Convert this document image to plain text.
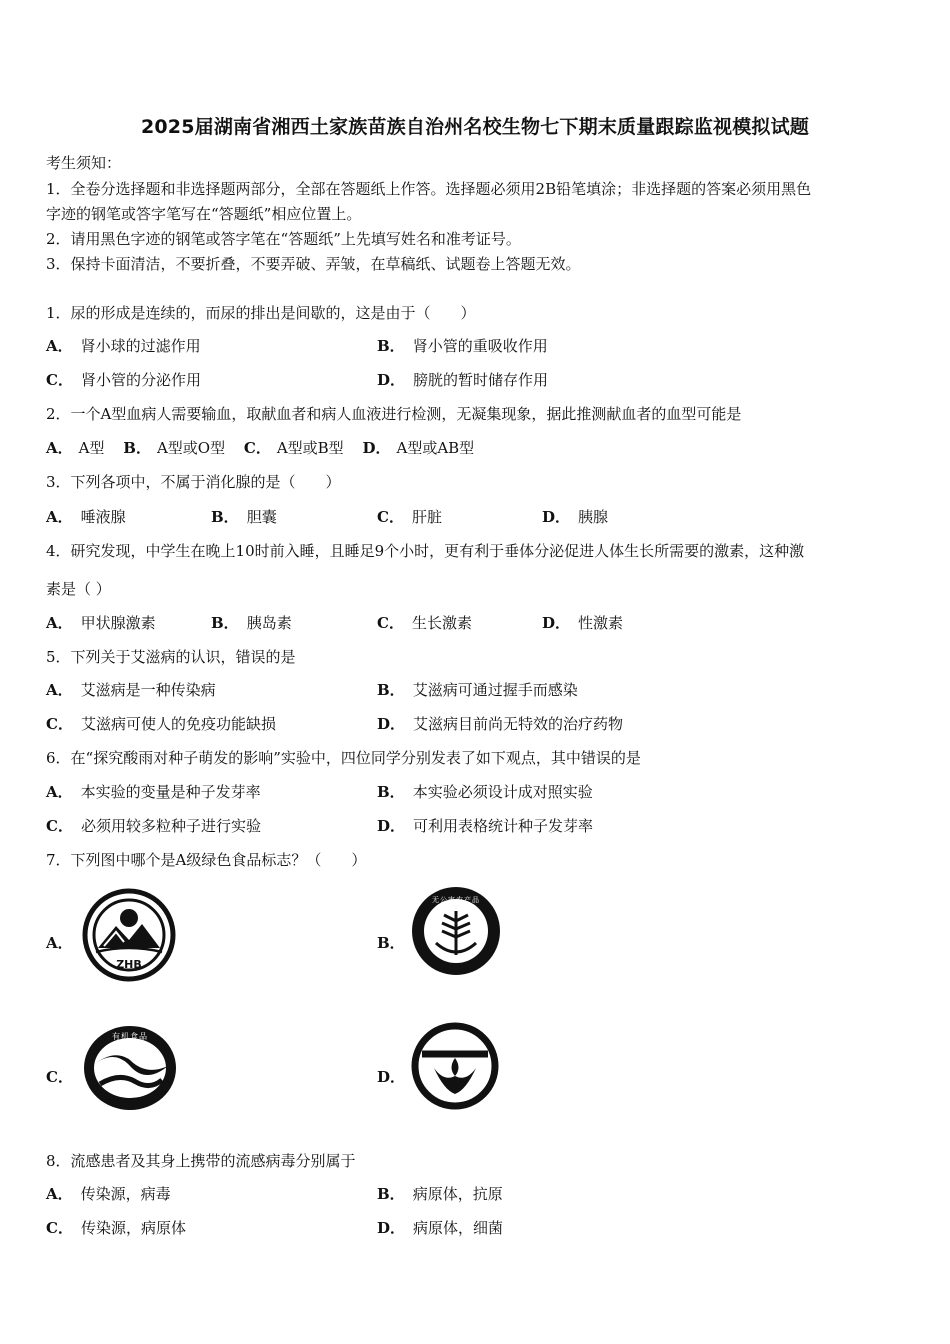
2025届湖南省湘西土家族苗族自治州名校生物七下期末质量跟踪监视模拟试题
考生须知：
1．全卷分选择题和非选择题两部分，全部在答题纸上作答。选择题必须用2B铅笔填涂；非选择题的答案必须用黑色
字迹的钢笔或答字笔写在“答题纸”相应位置上。
2．请用黑色字迹的钢笔或答字笔在“答题纸”上先填写姓名和准考证号。
3．保持卡面清洁，不要折叠，不要弄破、弄皱，在草稿纸、试题卷上答题无效。
1．尿的形成是连续的，而尿的排出是间歇的，这是由于（　　）
A． 肾小球的过滤作用	B． 肾小管的重吸收作用
C． 肾小管的分泌作用	D． 膀胱的暂时储存作用
2．一个A型血病人需要输血，取献血者和病人血液进行检测，无凝集现象，据此推测献血者的血型可能是
A． A型 B． A型或O型 C． A型或B型 D． A型或AB型
3．下列各项中，不属于消化腺的是（　　）
A． 唾液腺	B． 胆囊	C． 肝脏	D． 胰腺
4．研究发现，中学生在晚上10时前入睡，且睡足9个小时，更有利于垂体分泌促进人体生长所需要的激素，这种激
素是（ ）
A． 甲状腺激素	B． 胰岛素	C． 生长激素	D． 性激素
5．下列关于艾滋病的认识，错误的是
A． 艾滋病是一种传染病	B． 艾滋病可通过握手而感染
C． 艾滋病可使人的免疫功能缺损	D． 艾滋病目前尚无特效的治疗药物
6．在“探究酸雨对种子萌发的影响”实验中，四位同学分别发表了如下观点，其中错误的是
A． 本实验的变量是种子发芽率	B． 本实验必须设计成对照实验
C． 必须用较多粒种子进行实验	D． 可利用表格统计种子发芽率
7．下列图中哪个是A级绿色食品标志？（　　）
A．
ZHB
B．
无公害农产品
C．
有机食品
D．
8．流感患者及其身上携带的流感病毒分别属于
A． 传染源，病毒	B． 病原体，抗原
C． 传染源，病原体	D． 病原体，细菌
